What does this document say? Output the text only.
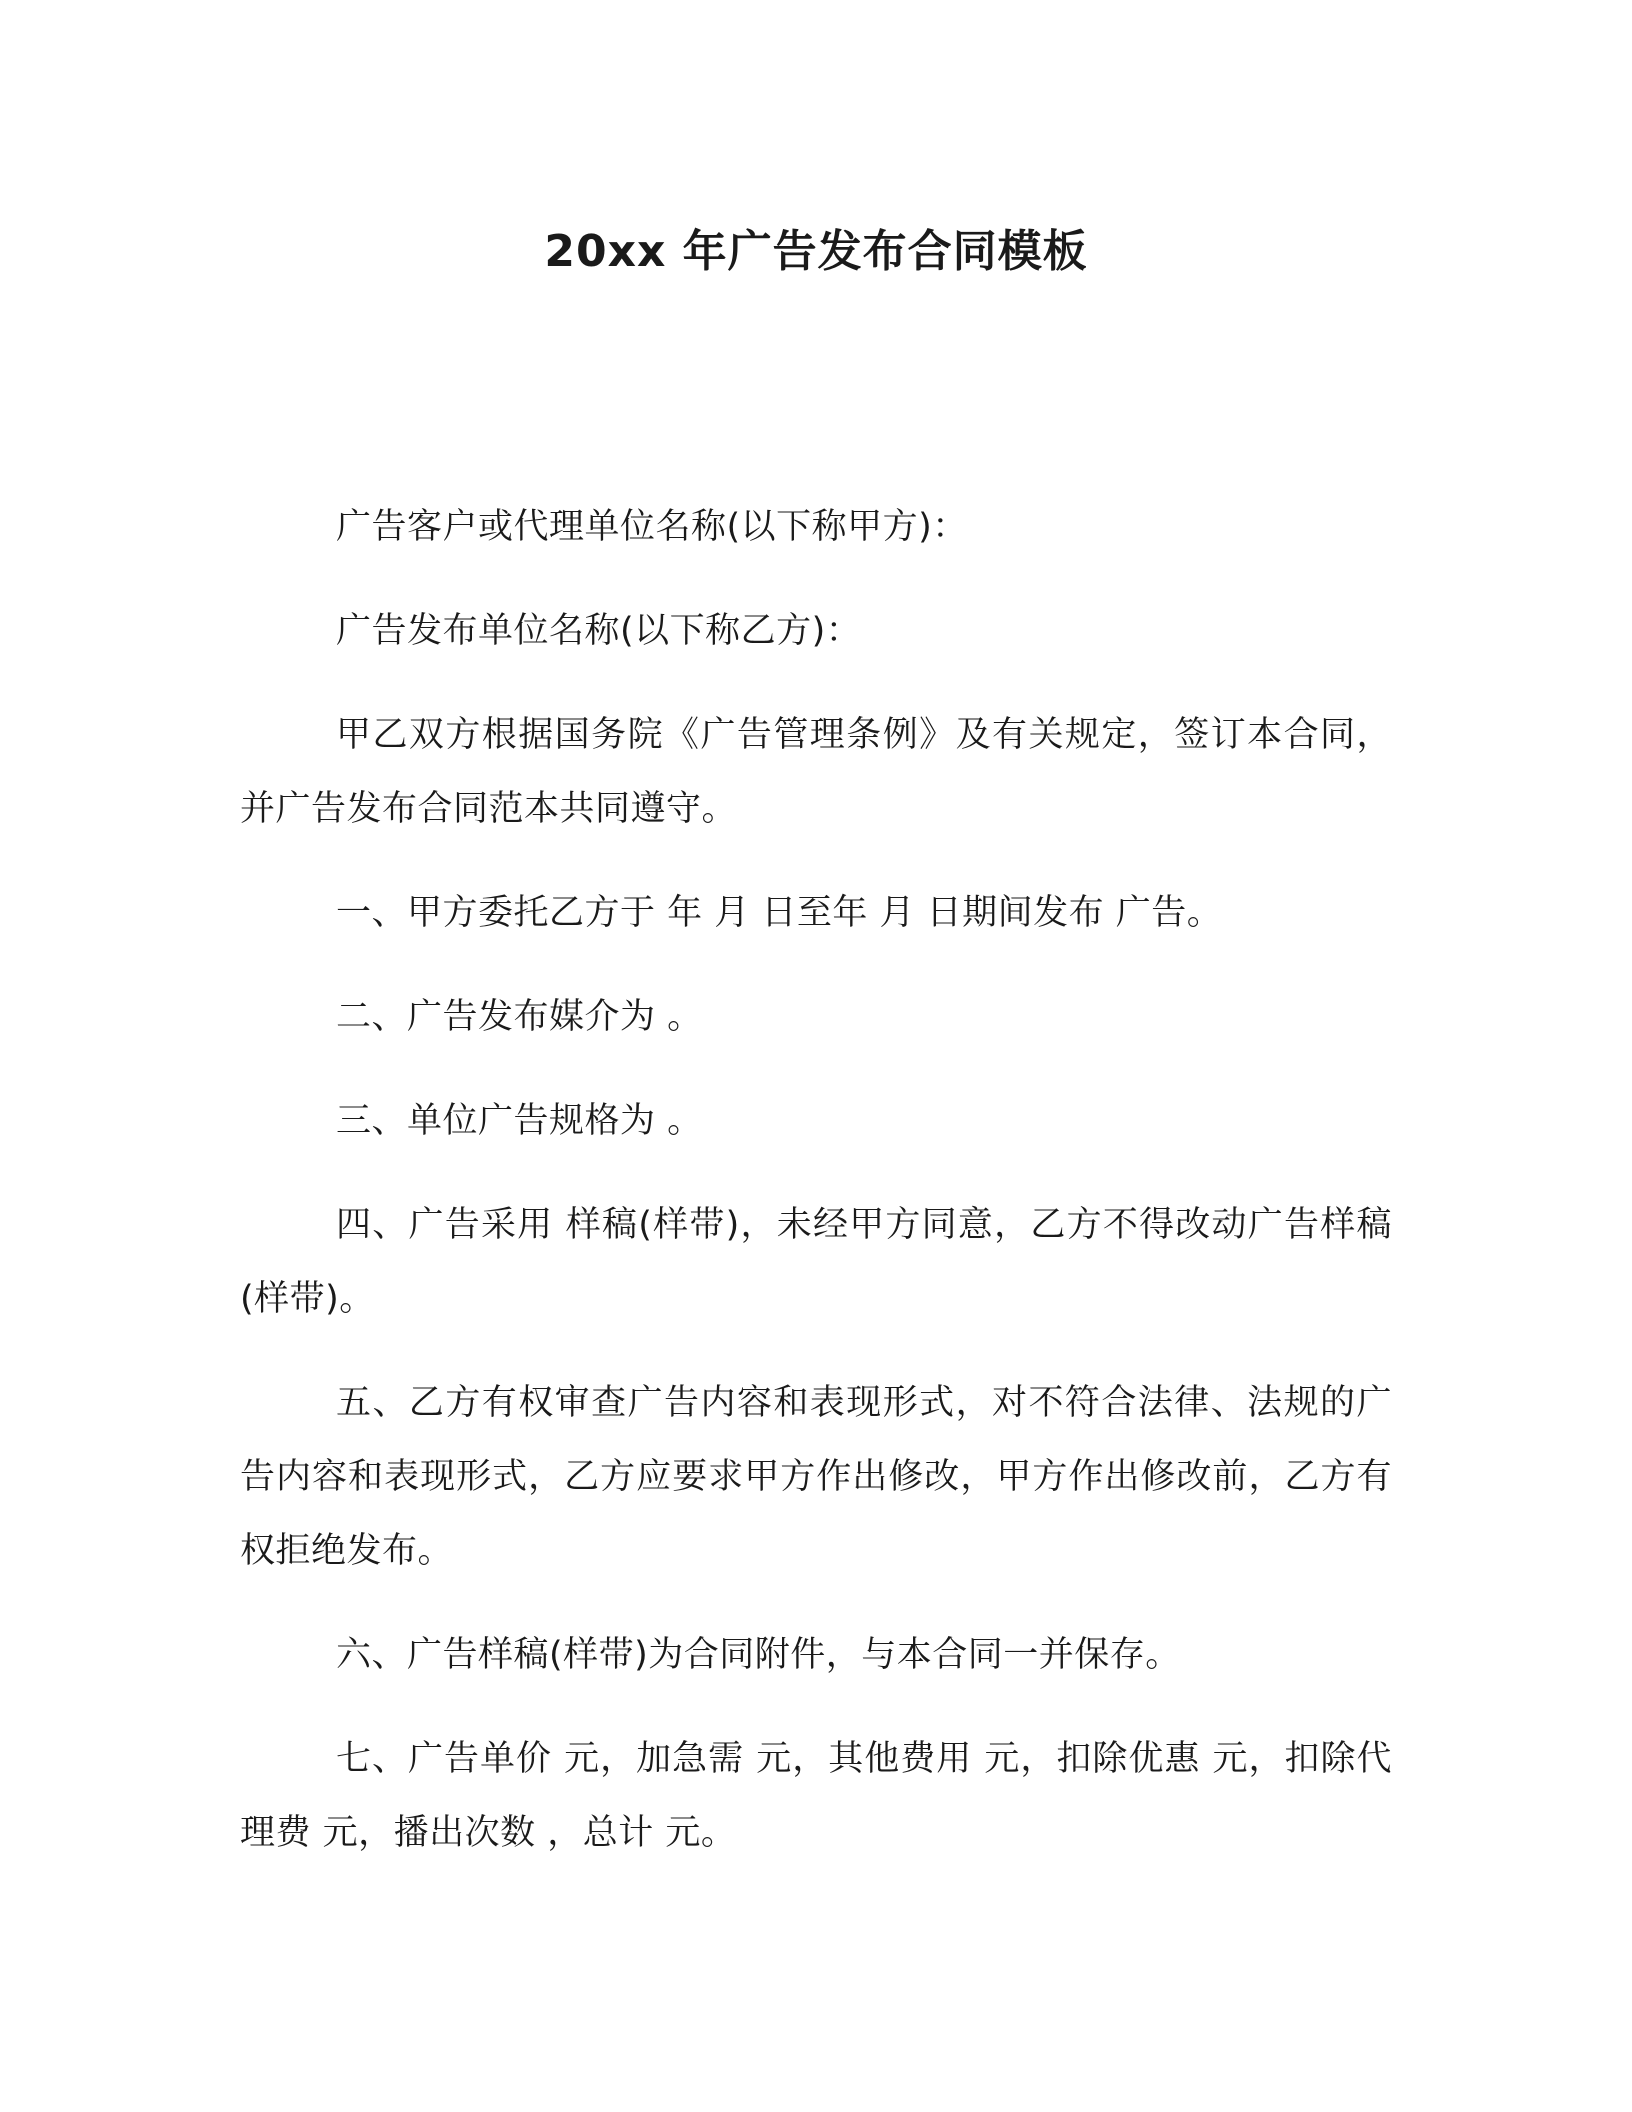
20xx 年广告发布合同模板

广告客户或代理单位名称(以下称甲方)：

广告发布单位名称(以下称乙方)：

甲乙双方根据国务院《广告管理条例》及有关规定，签订本合同，并广告发布合同范本共同遵守。

一、甲方委托乙方于 年 月 日至年 月 日期间发布 广告。

二、广告发布媒介为 。

三、单位广告规格为 。

四、广告采用 样稿(样带)，未经甲方同意，乙方不得改动广告样稿(样带)。

五、乙方有权审查广告内容和表现形式，对不符合法律、法规的广告内容和表现形式，乙方应要求甲方作出修改，甲方作出修改前，乙方有权拒绝发布。

六、广告样稿(样带)为合同附件，与本合同一并保存。

七、广告单价 元，加急需 元，其他费用 元，扣除优惠 元，扣除代理费 元，播出次数 ，总计 元。
